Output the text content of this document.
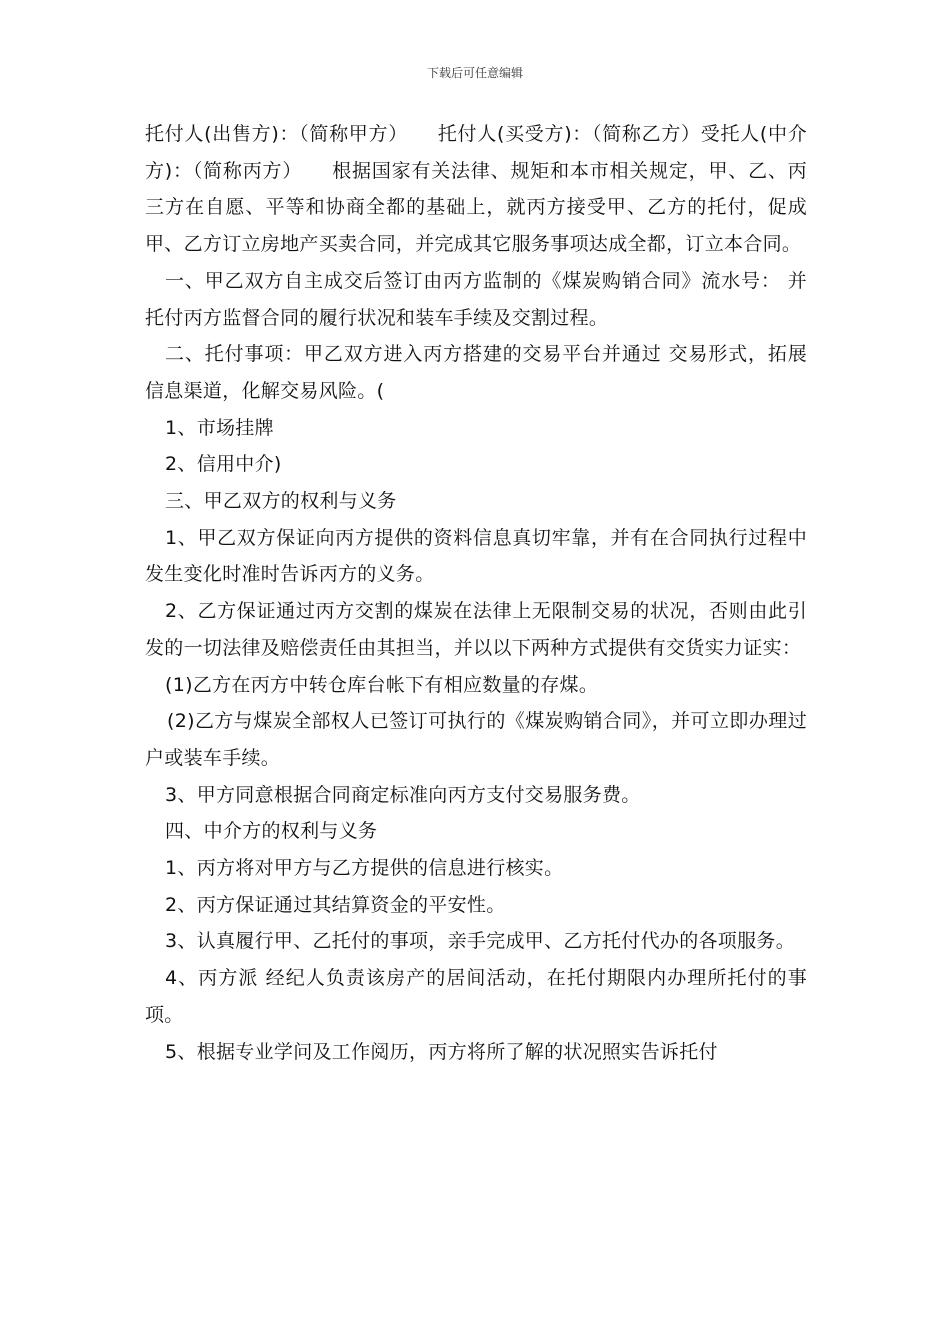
下载后可任意编辑

托付人(出售方)：（简称甲方）　　托付人(买受方)：（简称乙方）受托人(中介方)：（简称丙方）　　根据国家有关法律、规矩和本市相关规定，甲、乙、丙三方在自愿、平等和协商全都的基础上，就丙方接受甲、乙方的托付，促成甲、乙方订立房地产买卖合同，并完成其它服务事项达成全都，订立本合同。

一、甲乙双方自主成交后签订由丙方监制的《煤炭购销合同》流水号： 并托付丙方监督合同的履行状况和装车手续及交割过程。

二、托付事项：甲乙双方进入丙方搭建的交易平台并通过 交易形式，拓展信息渠道，化解交易风险。(

1、市场挂牌

2、信用中介)

三、甲乙双方的权利与义务

1、甲乙双方保证向丙方提供的资料信息真切牢靠，并有在合同执行过程中发生变化时准时告诉丙方的义务。

2、乙方保证通过丙方交割的煤炭在法律上无限制交易的状况，否则由此引发的一切法律及赔偿责任由其担当，并以以下两种方式提供有交货实力证实：

(1)乙方在丙方中转仓库台帐下有相应数量的存煤。

(2)乙方与煤炭全部权人已签订可执行的《煤炭购销合同》，并可立即办理过户或装车手续。

3、甲方同意根据合同商定标准向丙方支付交易服务费。

四、中介方的权利与义务

1、丙方将对甲方与乙方提供的信息进行核实。

2、丙方保证通过其结算资金的平安性。

3、认真履行甲、乙托付的事项，亲手完成甲、乙方托付代办的各项服务。

4、丙方派 经纪人负责该房产的居间活动，在托付期限内办理所托付的事项。

5、根据专业学问及工作阅历，丙方将所了解的状况照实告诉托付
